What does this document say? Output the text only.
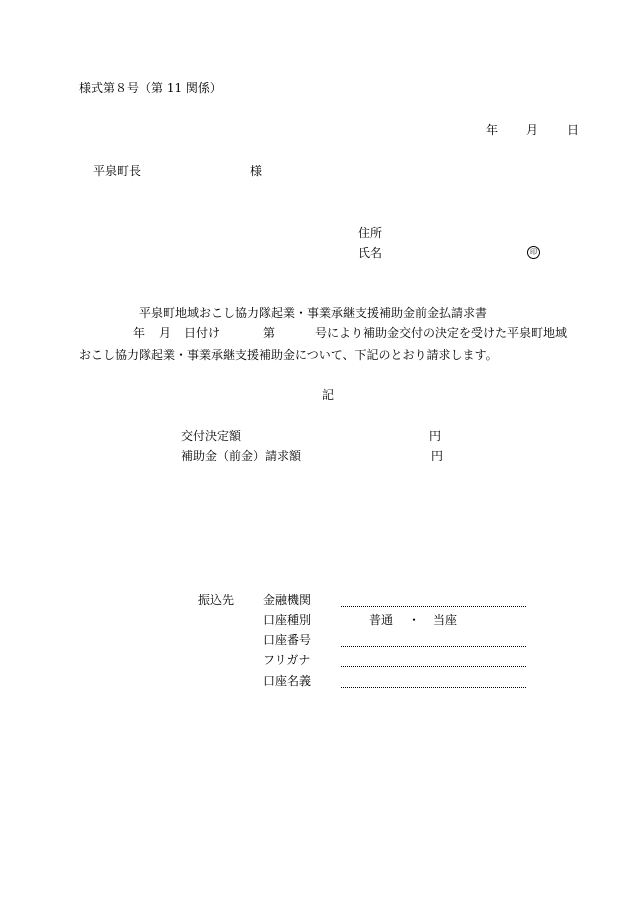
様式第８号（第 11 関係）
年 月 日
平泉町長	様
住所
氏名	印
平泉町地域おこし協力隊起業・事業承継支援補助金前金払請求書
年 月 日付け	第	号により補助金交付の決定を受けた平泉町地域
おこし協力隊起業・事業承継支援補助金について、下記のとおり請求します。
記
交付決定額	円
補助金（前金）請求額	円
振込先 金融機関
口座種別	普通 ・ 当座
口座番号
フリガナ
口座名義
